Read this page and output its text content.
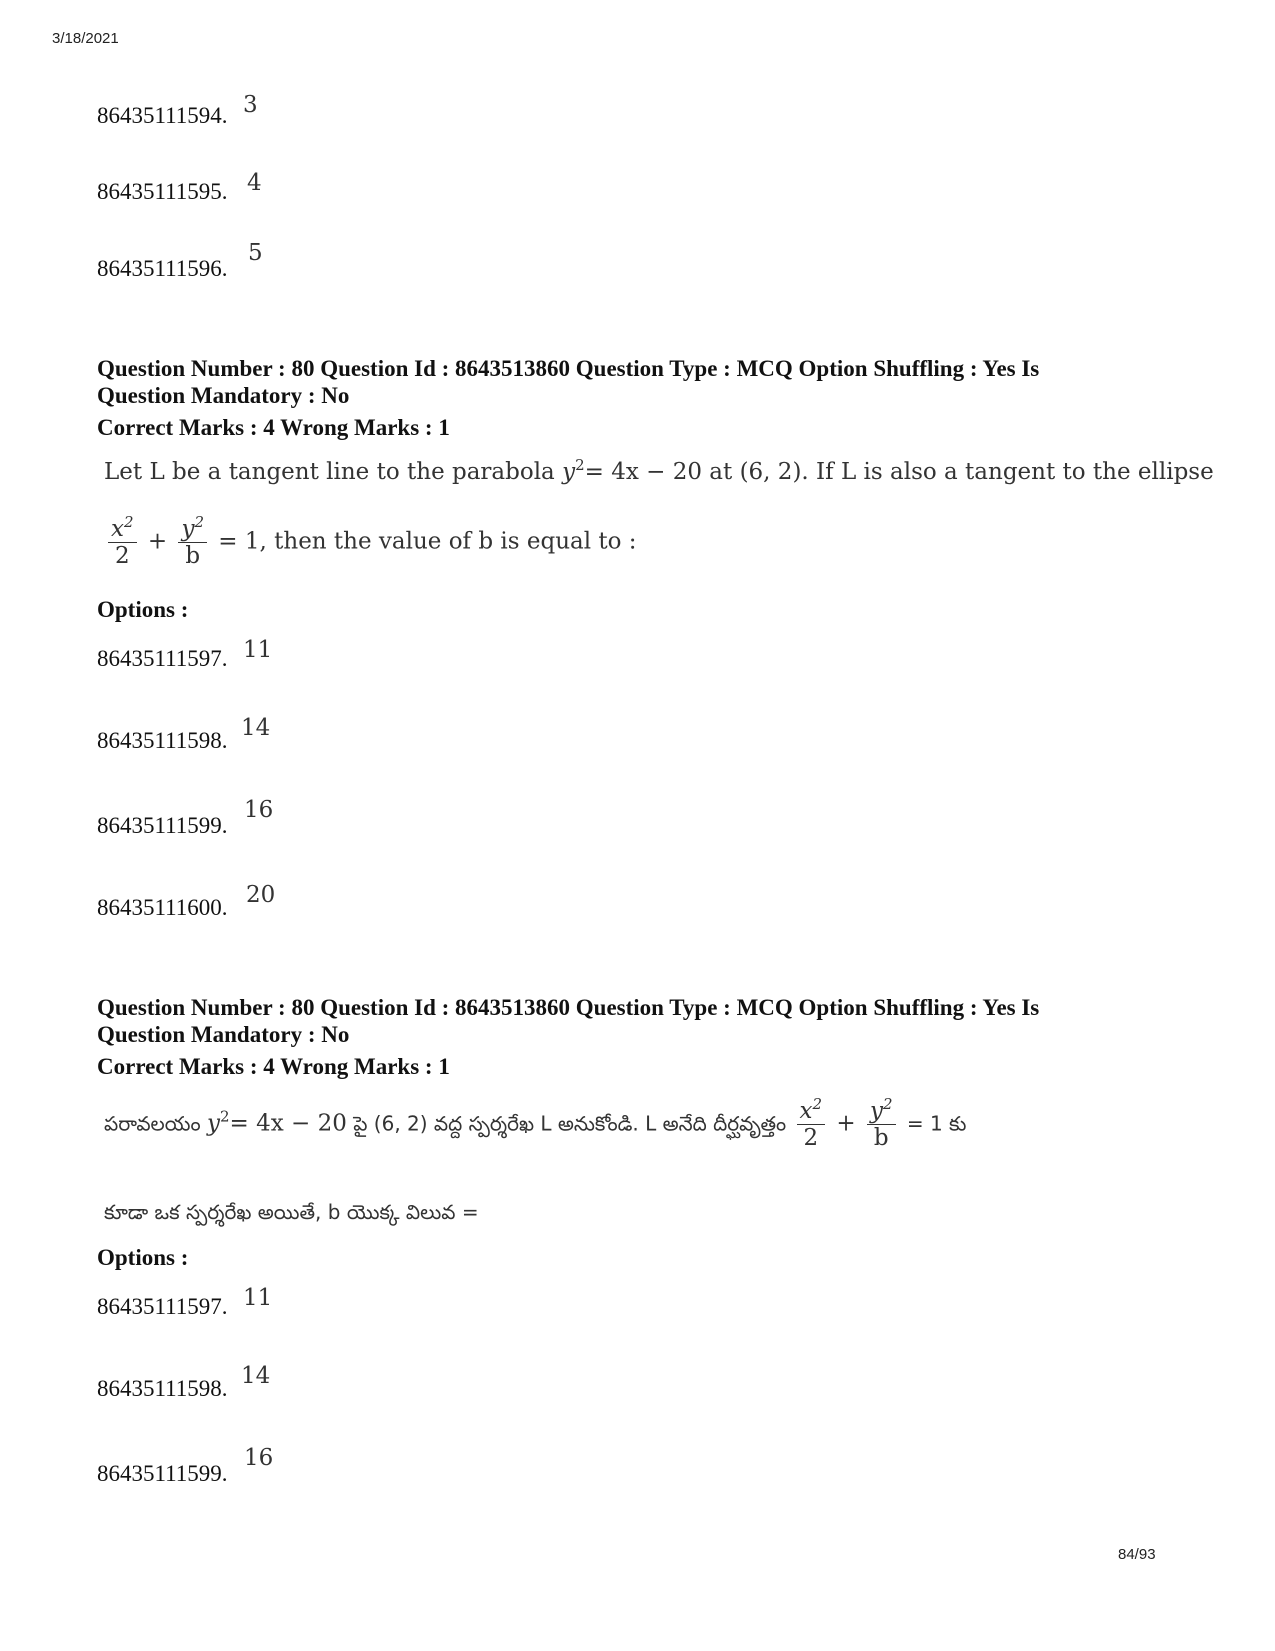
3/18/2021
86435111594. 3
86435111595. 4
86435111596.
5
Question Number : 80 Question Id : 8643513860 Question Type : MCQ Option Shuffling : Yes Is
Question Mandatory : No
Correct Marks : 4 Wrong Marks : 1
Let L be a tangent line to the parabola $y^2= 4x - 20$ at (6, 2). If L is also a tangent to the ellipse
$\frac{x^2}{2} + \frac{y^2}{b} = 1$, then the value of b is equal to :
Options :
86435111597. 11
86435111598. 14
86435111599.
16
86435111600. 20
Question Number : 80 Question Id : 8643513860 Question Type : MCQ Option Shuffling : Yes Is
Question Mandatory : No
Correct Marks : 4 Wrong Marks : 1
పరావలయం $y^2= 4x - 20$ పై (6, 2) వద్ద స్పర్శరేఖ L అనుకోండి. L అనేది దీర్ఘవృత్తం $\frac{x^2}{2} + \frac{y^2}{b} = 1$ కు
కూడా ఒక స్పర్శరేఖ అయితే, b యొక్క విలువ =
Options :
86435111597. 11
86435111598. 14
86435111599.
16
84/93
